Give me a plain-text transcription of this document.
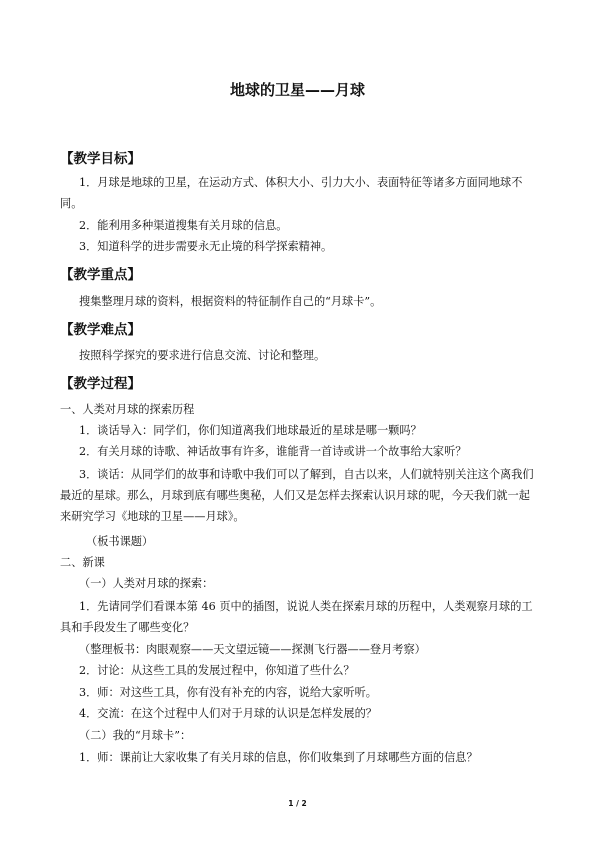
地球的卫星——月球
【教学目标】
1．月球是地球的卫星，在运动方式、体积大小、引力大小、表面特征等诸多方面同地球不同。
2．能利用多种渠道搜集有关月球的信息。
3．知道科学的进步需要永无止境的科学探索精神。
【教学重点】
搜集整理月球的资料，根据资料的特征制作自己的“月球卡”。
【教学难点】
按照科学探究的要求进行信息交流、讨论和整理。
【教学过程】
一、人类对月球的探索历程
1．谈话导入：同学们，你们知道离我们地球最近的星球是哪一颗吗？
2．有关月球的诗歌、神话故事有许多，谁能背一首诗或讲一个故事给大家听？
3．谈话：从同学们的故事和诗歌中我们可以了解到，自古以来，人们就特别关注这个离我们最近的星球。那么，月球到底有哪些奥秘，人们又是怎样去探索认识月球的呢，今天我们就一起来研究学习《地球的卫星——月球》。
（板书课题）
二、新课
（一）人类对月球的探索：
1．先请同学们看课本第 46 页中的插图，说说人类在探索月球的历程中，人类观察月球的工具和手段发生了哪些变化？
（整理板书：肉眼观察——天文望远镜——探测飞行器——登月考察）
2．讨论：从这些工具的发展过程中，你知道了些什么？
3．师：对这些工具，你有没有补充的内容，说给大家听听。
4．交流：在这个过程中人们对于月球的认识是怎样发展的？
（二）我的“月球卡”：
1．师：课前让大家收集了有关月球的信息，你们收集到了月球哪些方面的信息？
1 / 2
